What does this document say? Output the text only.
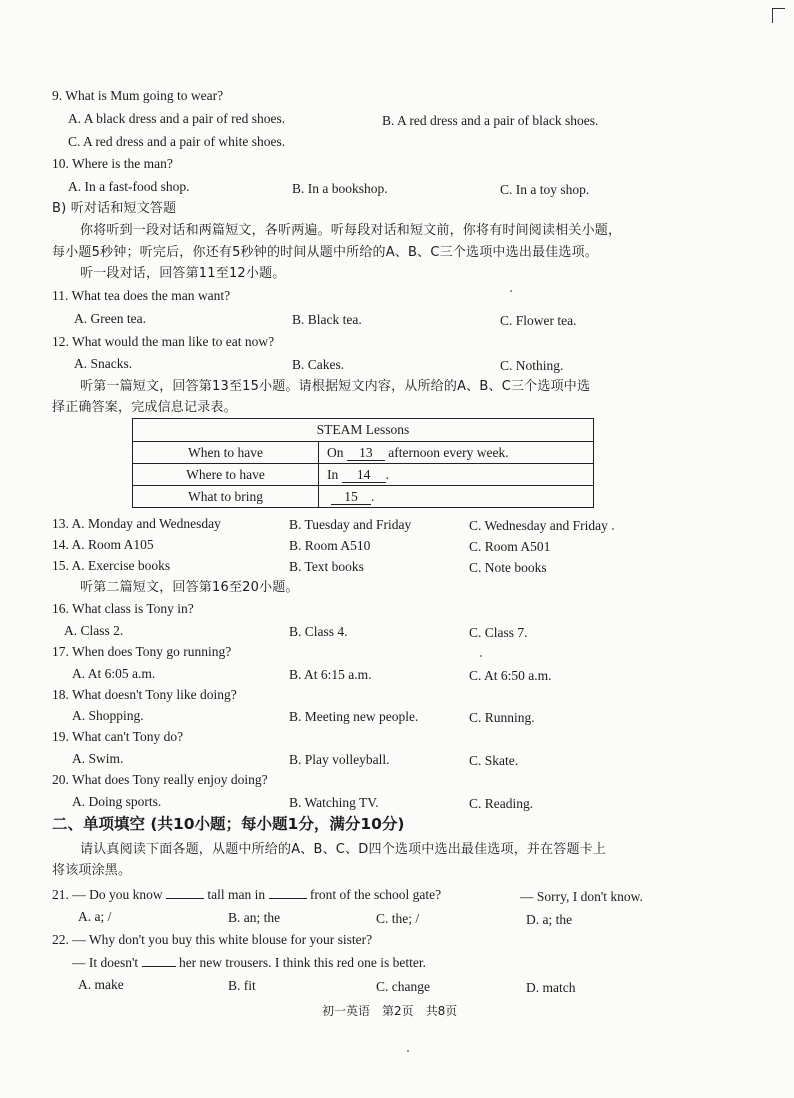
9. What is Mum going to wear?
A. A black dress and a pair of red shoes.	B. A red dress and a pair of black shoes.
C. A red dress and a pair of white shoes.
10. Where is the man?
A. In a fast-food shop.	B. In a bookshop.	C. In a toy shop.
B) 听对话和短文答题
你将听到一段对话和两篇短文，各听两遍。听每段对话和短文前，你将有时间阅读相关小题，
每小题5秒钟；听完后，你还有5秒钟的时间从题中所给的A、B、C三个选项中选出最佳选项。
听一段对话，回答第11至12小题。
11. What tea does the man want?
A. Green tea.	B. Black tea.	C. Flower tea.
12. What would the man like to eat now?
A. Snacks.	B. Cakes.	C. Nothing.
听第一篇短文，回答第13至15小题。请根据短文内容，从所给的A、B、C三个选项中选
择正确答案，完成信息记录表。
STEAM Lessons	
When to have	On 13 afternoon every week.
Where to have	In 14 .
What to bring	15 .
13. A. Monday and Wednesday	B. Tuesday and Friday	C. Wednesday and Friday
14. A. Room A105	B. Room A510	C. Room A501
15. A. Exercise books	B. Text books	C. Note books
听第二篇短文，回答第16至20小题。
16. What class is Tony in?
A. Class 2.	B. Class 4.	C. Class 7.
17. When does Tony go running?
A. At 6:05 a.m.	B. At 6:15 a.m.	C. At 6:50 a.m.
18. What doesn't Tony like doing?
A. Shopping.	B. Meeting new people.	C. Running.
19. What can't Tony do?
A. Swim.	B. Play volleyball.	C. Skate.
20. What does Tony really enjoy doing?
A. Doing sports.	B. Watching TV.	C. Reading.
二、单项填空 (共10小题；每小题1分，满分10分)
请认真阅读下面各题，从题中所给的A、B、C、D四个选项中选出最佳选项，并在答题卡上
将该项涂黑。
21. — Do you know	tall man in	front of the school gate?	— Sorry, I don't know.
A. a; /	B. an; the	C. the; /	D. a; the
22. — Why don't you buy this white blouse for your sister?
— It doesn't	her new trousers. I think this red one is better.
A. make	B. fit	C. change	D. match
初一英语　第2页　共8页
